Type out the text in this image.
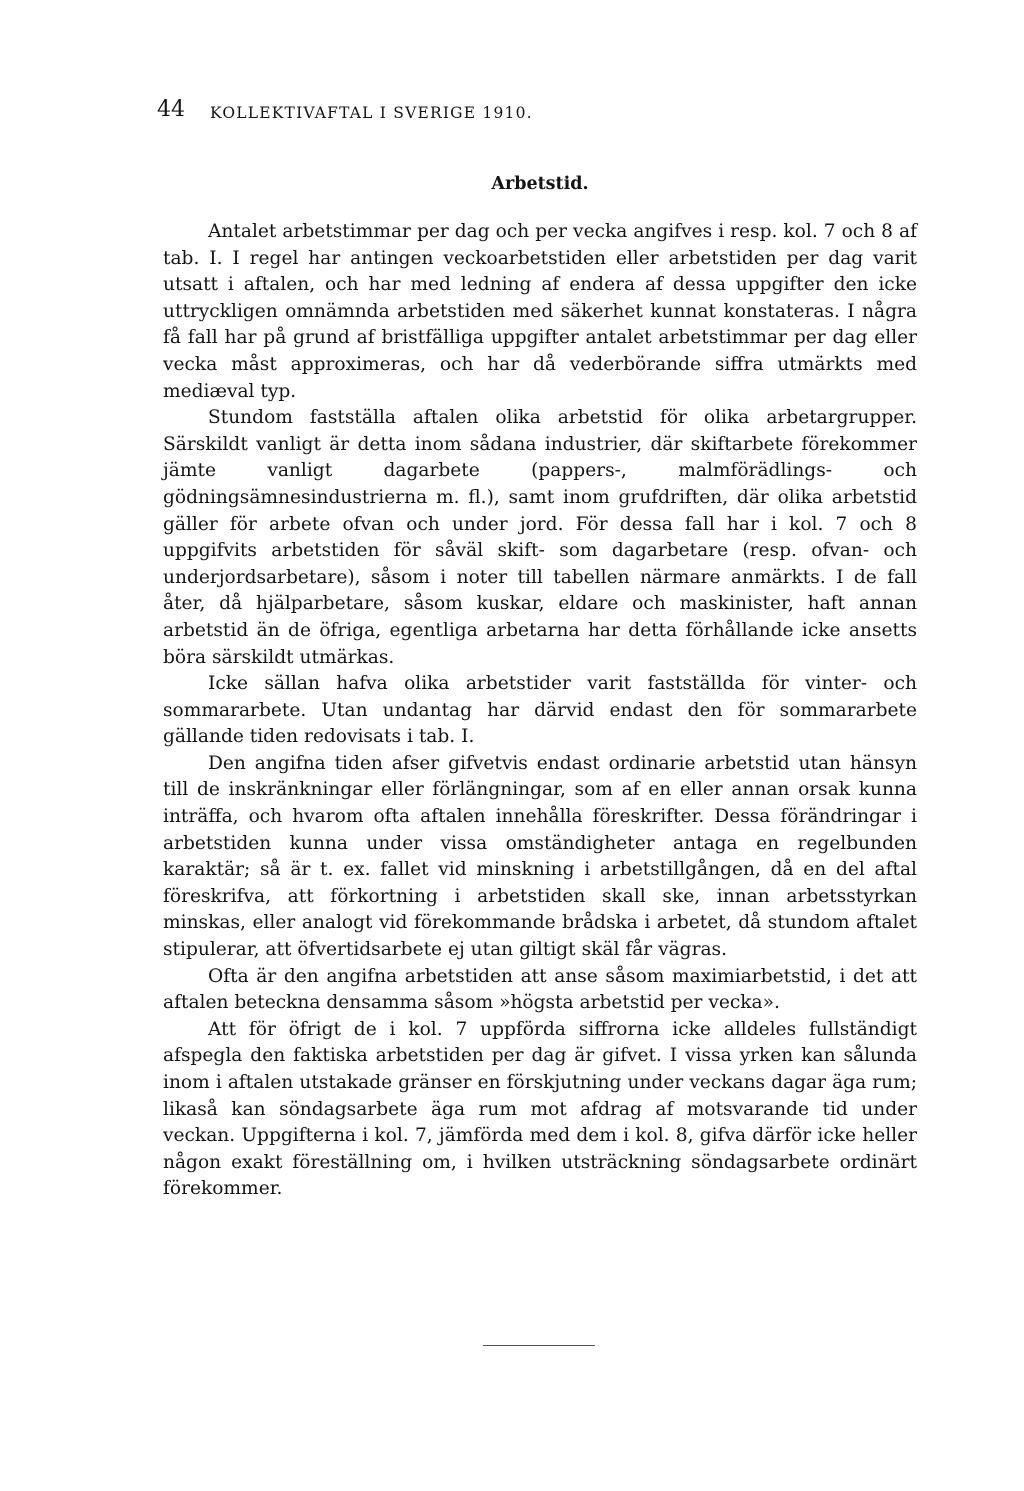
44 KOLLEKTIVAFTAL I SVERIGE 1910.
Arbetstid.

Antalet arbetstimmar per dag och per vecka angifves i resp. kol. 7 och 8 af tab. I. I regel har antingen veckoarbetstiden eller arbetstiden per dag varit utsatt i aftalen, och har med ledning af endera af dessa uppgifter den icke uttryckligen omnämnda arbetstiden med säkerhet kunnat konstateras. I några få fall har på grund af bristfälliga uppgifter antalet arbetstimmar per dag eller vecka måst approximeras, och har då vederbörande siffra utmärkts med mediæval typ.

Stundom fastställa aftalen olika arbetstid för olika arbetargrupper. Särskildt vanligt är detta inom sådana industrier, där skiftarbete förekommer jämte vanligt dagarbete (pappers-, malmförädlings- och gödningsämnesindustrierna m. fl.), samt inom grufdriften, där olika arbetstid gäller för arbete ofvan och under jord. För dessa fall har i kol. 7 och 8 uppgifvits arbetstiden för såväl skift- som dagarbetare (resp. ofvan- och underjordsarbetare), såsom i noter till tabellen närmare anmärkts. I de fall åter, då hjälparbetare, såsom kuskar, eldare och maskinister, haft annan arbetstid än de öfriga, egentliga arbetarna har detta förhållande icke ansetts böra särskildt utmärkas.

Icke sällan hafva olika arbetstider varit fastställda för vinter- och sommararbete. Utan undantag har därvid endast den för sommararbete gällande tiden redovisats i tab. I.

Den angifna tiden afser gifvetvis endast ordinarie arbetstid utan hänsyn till de inskränkningar eller förlängningar, som af en eller annan orsak kunna inträffa, och hvarom ofta aftalen innehålla föreskrifter. Dessa förändringar i arbetstiden kunna under vissa omständigheter antaga en regelbunden karaktär; så är t. ex. fallet vid minskning i arbetstillgången, då en del aftal föreskrifva, att förkortning i arbetstiden skall ske, innan arbetsstyrkan minskas, eller analogt vid förekommande brådska i arbetet, då stundom aftalet stipulerar, att öfvertidsarbete ej utan giltigt skäl får vägras.

Ofta är den angifna arbetstiden att anse såsom maximiarbetstid, i det att aftalen beteckna densamma såsom »högsta arbetstid per vecka».

Att för öfrigt de i kol. 7 uppförda siffrorna icke alldeles fullständigt afspegla den faktiska arbetstiden per dag är gifvet. I vissa yrken kan sålunda inom i aftalen utstakade gränser en förskjutning under veckans dagar äga rum; likaså kan söndagsarbete äga rum mot afdrag af motsvarande tid under veckan. Uppgifterna i kol. 7, jämförda med dem i kol. 8, gifva därför icke heller någon exakt föreställning om, i hvilken utsträckning söndagsarbete ordinärt förekommer.
